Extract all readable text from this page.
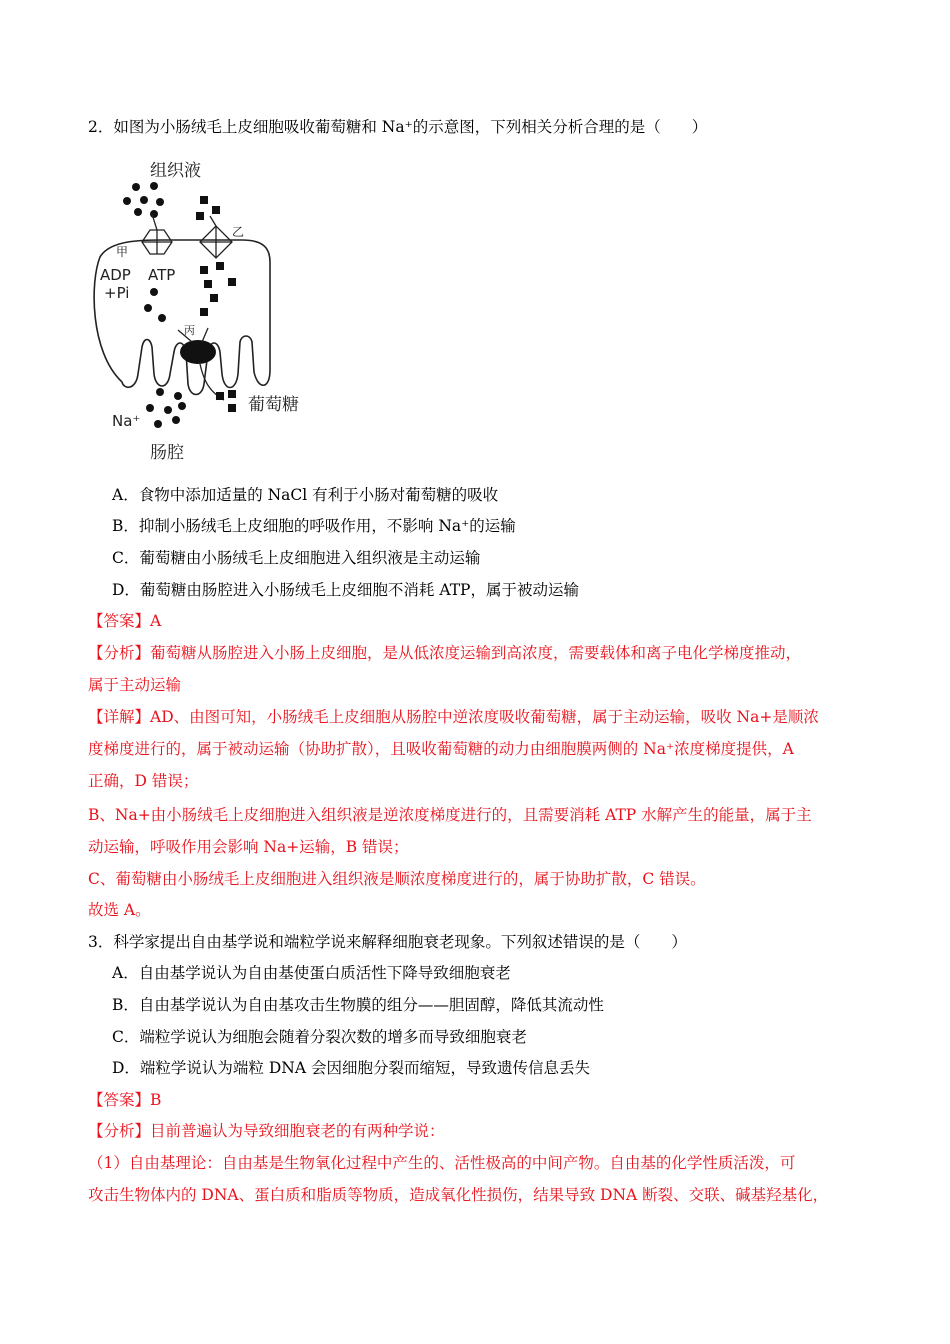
2．如图为小肠绒毛上皮细胞吸收葡萄糖和 Na⁺的示意图，下列相关分析合理的是（　　）
组织液
甲
乙
ADP
+Pi
ATP
丙
葡萄糖
Na⁺
肠腔
A．食物中添加适量的 NaCl 有利于小肠对葡萄糖的吸收
B．抑制小肠绒毛上皮细胞的呼吸作用，不影响 Na⁺的运输
C．葡萄糖由小肠绒毛上皮细胞进入组织液是主动运输
D．葡萄糖由肠腔进入小肠绒毛上皮细胞不消耗 ATP，属于被动运输
【答案】A
【分析】葡萄糖从肠腔进入小肠上皮细胞，是从低浓度运输到高浓度，需要载体和离子电化学梯度推动，
属于主动运输
【详解】AD、由图可知，小肠绒毛上皮细胞从肠腔中逆浓度吸收葡萄糖，属于主动运输，吸收 Na+是顺浓
度梯度进行的，属于被动运输（协助扩散），且吸收葡萄糖的动力由细胞膜两侧的 Na⁺浓度梯度提供，A
正确，D 错误；
B、Na+由小肠绒毛上皮细胞进入组织液是逆浓度梯度进行的，且需要消耗 ATP 水解产生的能量，属于主
动运输，呼吸作用会影响 Na+运输，B 错误；
C、葡萄糖由小肠绒毛上皮细胞进入组织液是顺浓度梯度进行的，属于协助扩散，C 错误。
故选 A。
3．科学家提出自由基学说和端粒学说来解释细胞衰老现象。下列叙述错误的是（　　）
A．自由基学说认为自由基使蛋白质活性下降导致细胞衰老
B．自由基学说认为自由基攻击生物膜的组分——胆固醇，降低其流动性
C．端粒学说认为细胞会随着分裂次数的增多而导致细胞衰老
D．端粒学说认为端粒 DNA 会因细胞分裂而缩短，导致遗传信息丢失
【答案】B
【分析】目前普遍认为导致细胞衰老的有两种学说：
（1）自由基理论：自由基是生物氧化过程中产生的、活性极高的中间产物。自由基的化学性质活泼，可
攻击生物体内的 DNA、蛋白质和脂质等物质，造成氧化性损伤，结果导致 DNA 断裂、交联、碱基羟基化，
